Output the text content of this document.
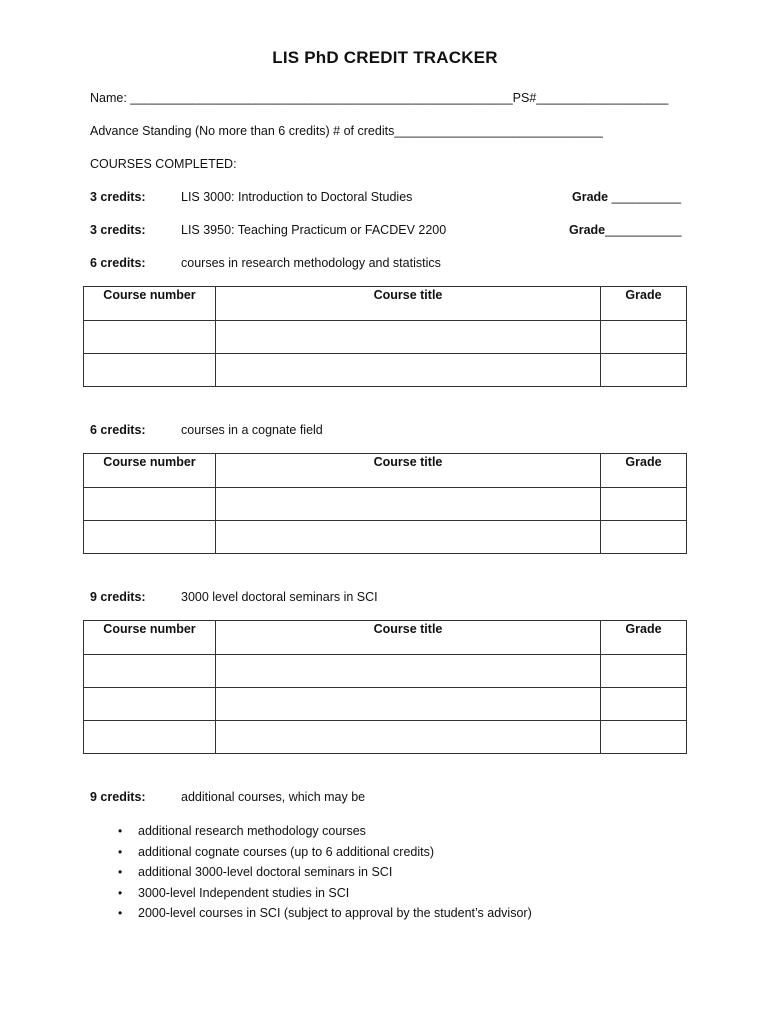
LIS PhD CREDIT TRACKER
Name: _______________________________________________________PS#___________________
Advance Standing (No more than 6 credits) # of credits______________________________
COURSES COMPLETED:
3 credits:	LIS 3000: Introduction to Doctoral Studies	Grade __________
3 credits:	LIS 3950: Teaching Practicum or FACDEV 2200	Grade___________
6 credits:	courses in research methodology and statistics
Course number	Course title	Grade

6 credits:	courses in a cognate field
Course number	Course title	Grade

9 credits:	3000 level doctoral seminars in SCI
Course number	Course title	Grade

9 credits:	additional courses, which may be
• additional research methodology courses
• additional cognate courses (up to 6 additional credits)
• additional 3000-level doctoral seminars in SCI
• 3000-level Independent studies in SCI
• 2000-level courses in SCI (subject to approval by the student’s advisor)
